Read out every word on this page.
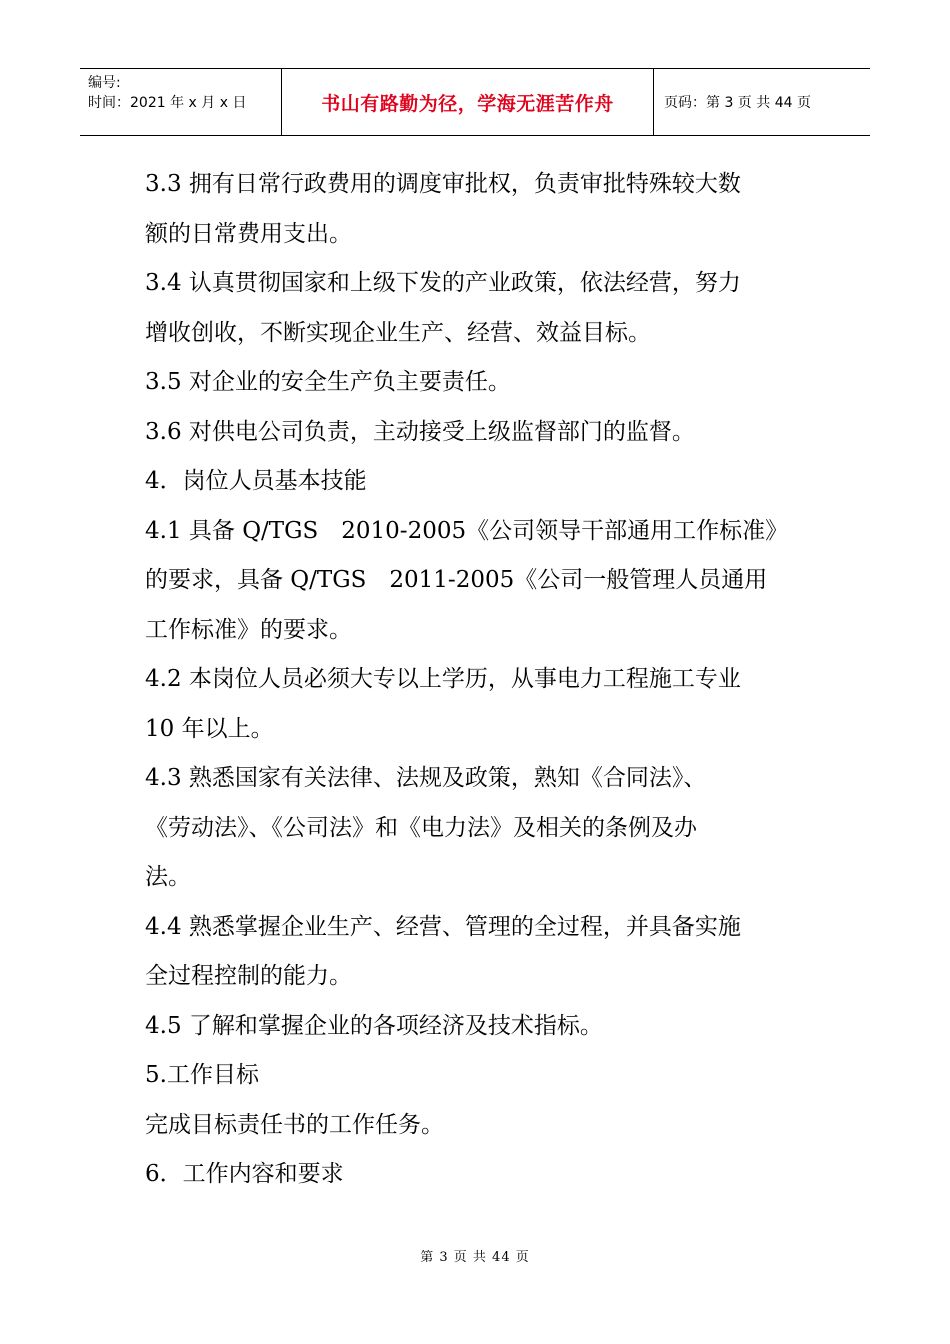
编号:
时间：2021 年 x 月 x 日	书山有路勤为径，学海无涯苦作舟	页码：第 3 页 共 44 页

3.3 拥有日常行政费用的调度审批权，负责审批特殊较大数

额的日常费用支出。

3.4 认真贯彻国家和上级下发的产业政策，依法经营，努力

增收创收，不断实现企业生产、经营、效益目标。

3.5 对企业的安全生产负主要责任。

3.6 对供电公司负责，主动接受上级监督部门的监督。

4．岗位人员基本技能

4.1 具备 Q/TGS　2010-2005《公司领导干部通用工作标准》

的要求，具备 Q/TGS　2011-2005《公司一般管理人员通用

工作标准》的要求。

4.2 本岗位人员必须大专以上学历，从事电力工程施工专业

10 年以上。

4.3 熟悉国家有关法律、法规及政策，熟知《合同法》、

《劳动法》、《公司法》和《电力法》及相关的条例及办

法。

4.4 熟悉掌握企业生产、经营、管理的全过程，并具备实施

全过程控制的能力。

4.5 了解和掌握企业的各项经济及技术指标。

5.工作目标

完成目标责任书的工作任务。

6．工作内容和要求

第 3 页 共 44 页
